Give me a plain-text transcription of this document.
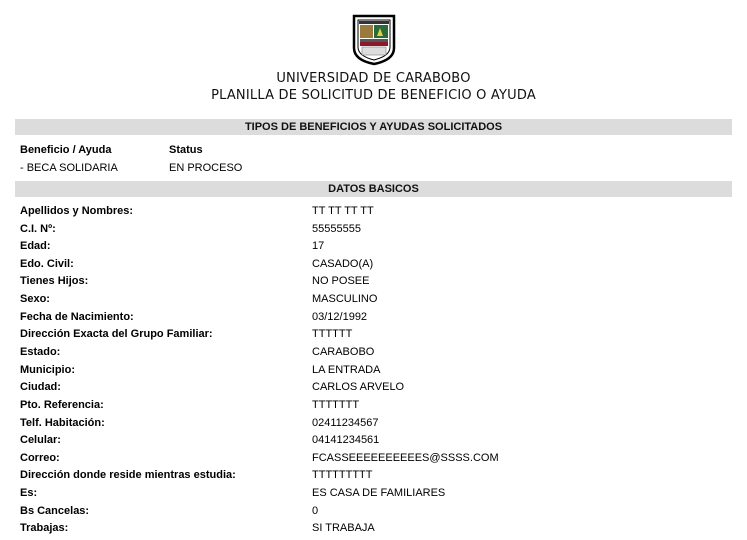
UNIVERSIDAD DE CARABOBO
PLANILLA DE SOLICITUD DE BENEFICIO O AYUDA
TIPOS DE BENEFICIOS Y AYUDAS SOLICITADOS
Beneficio / Ayuda	Status
- BECA SOLIDARIA	EN PROCESO
DATOS BASICOS
Apellidos y Nombres:	TT TT TT TT
C.I. Nº:	55555555
Edad:	17
Edo. Civil:	CASADO(A)
Tienes Hijos:	NO POSEE
Sexo:	MASCULINO
Fecha de Nacimiento:	03/12/1992
Dirección Exacta del Grupo Familiar:	TTTTTT
Estado:	CARABOBO
Municipio:	LA ENTRADA
Ciudad:	CARLOS ARVELO
Pto. Referencia:	TTTTTTT
Telf. Habitación:	02411234567
Celular:	04141234561
Correo:	FCASSEEEEEEEEEES@SSSS.COM
Dirección donde reside mientras estudia:	TTTTTTTTT
Es:	ES CASA DE FAMILIARES
Bs Cancelas:	0
Trabajas:	SI TRABAJA
